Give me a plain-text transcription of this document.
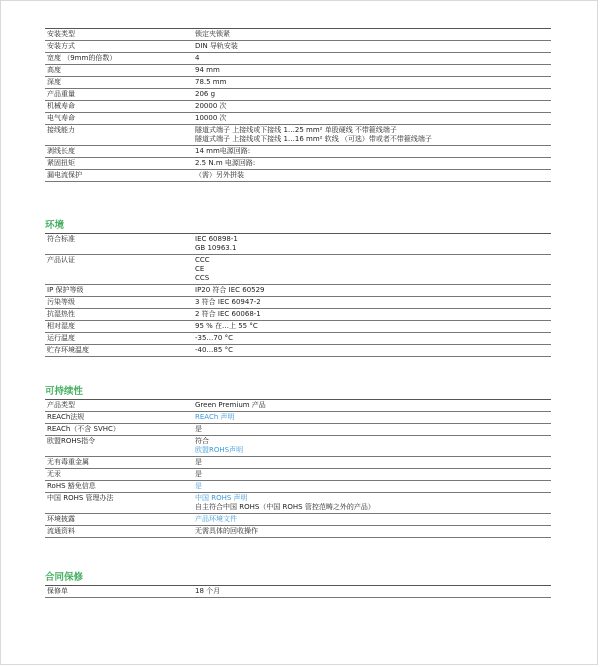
安装类型	锁定夹锁紧
安装方式	DIN 导轨安装
宽度 （9mm的倍数）	4
高度	94 mm
深度	78.5 mm
产品重量	206 g
机械寿命	20000 次
电气寿命	10000 次
接线能力	隧道式端子 上接线或下接线 1…25 mm² 单股硬线 不带箍线端子
隧道式端子 上接线或下接线 1…16 mm² 软线 （可选）带或者不带箍线端子
剥线长度	14 mm电源回路:
紧固扭矩	2.5 N.m 电源回路:
漏电流保护	（需）另外拼装
环境
符合标准	IEC 60898-1
GB 10963.1
产品认证	CCC
CE
CCS
IP 保护等级	IP20 符合 IEC 60529
污染等级	3 符合 IEC 60947-2
抗湿热性	2 符合 IEC 60068-1
相对湿度	95 % 在…上 55 °C
运行温度	-35…70 °C
贮存环境温度	-40…85 °C
可持续性
产品类型	Green Premium 产品
REACh法规	REACh 声明
REACh（不含 SVHC）	是
欧盟ROHS指令	符合
欧盟ROHS声明
无有毒重金属	是
无汞	是
RoHS 豁免信息	是
中国 ROHS 管理办法	中国 ROHS 声明
自主符合中国 ROHS（中国 ROHS 管控范畴之外的产品）
环境披露	产品环境文件
流通资料	无需具体的回收操作
合同保修
保修单	18 个月
